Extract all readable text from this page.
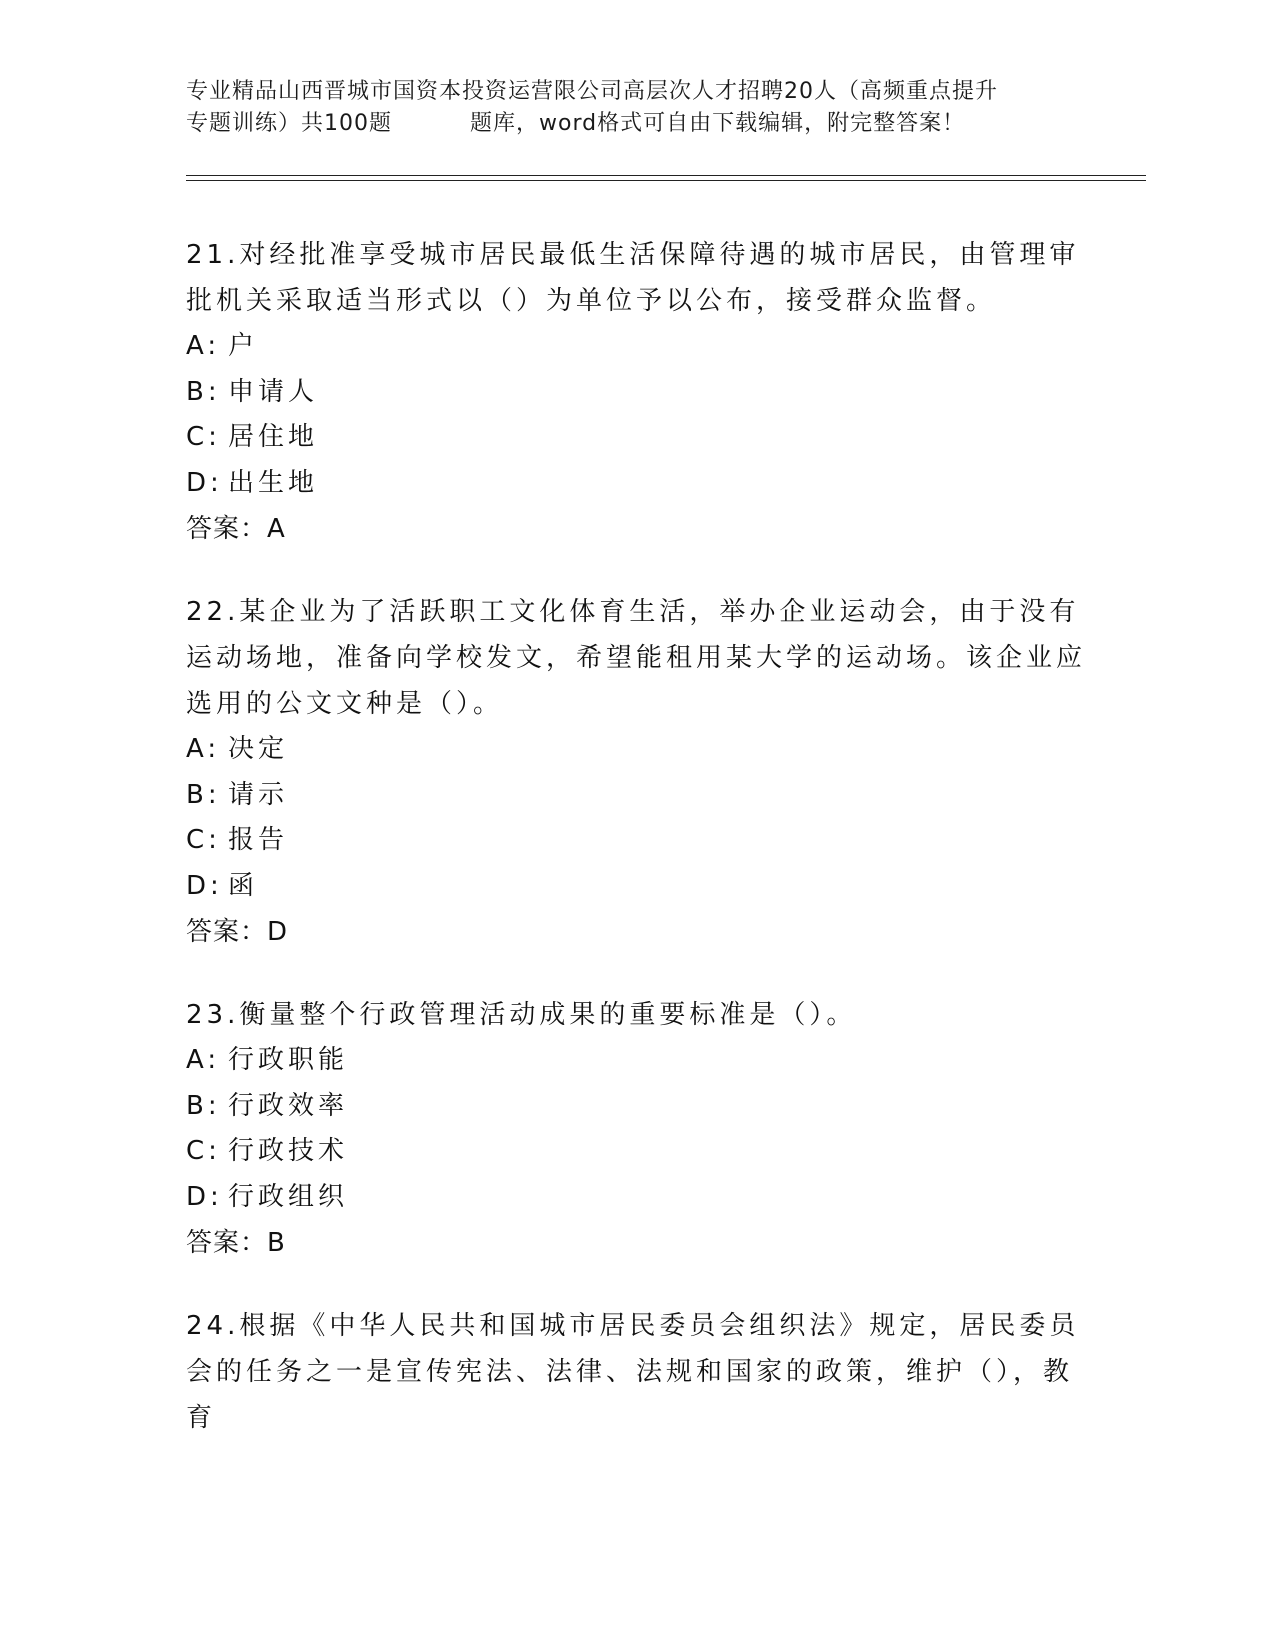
专业精品山西晋城市国资本投资运营限公司高层次人才招聘20人（高频重点提升
专题训练）共100题	题库，word格式可自由下载编辑，附完整答案！

21.对经批准享受城市居民最低生活保障待遇的城市居民，由管理审批机关采取适当形式以（）为单位予以公布，接受群众监督。

A: 户

B: 申请人

C: 居住地

D: 出生地

答案：A

22.某企业为了活跃职工文化体育生活，举办企业运动会，由于没有运动场地，准备向学校发文，希望能租用某大学的运动场。该企业应选用的公文文种是（）。

A: 决定

B: 请示

C: 报告

D: 函

答案：D

23.衡量整个行政管理活动成果的重要标准是（）。

A: 行政职能

B: 行政效率

C: 行政技术

D: 行政组织

答案：B

24.根据《中华人民共和国城市居民委员会组织法》规定，居民委员会的任务之一是宣传宪法、法律、法规和国家的政策，维护（），教育
